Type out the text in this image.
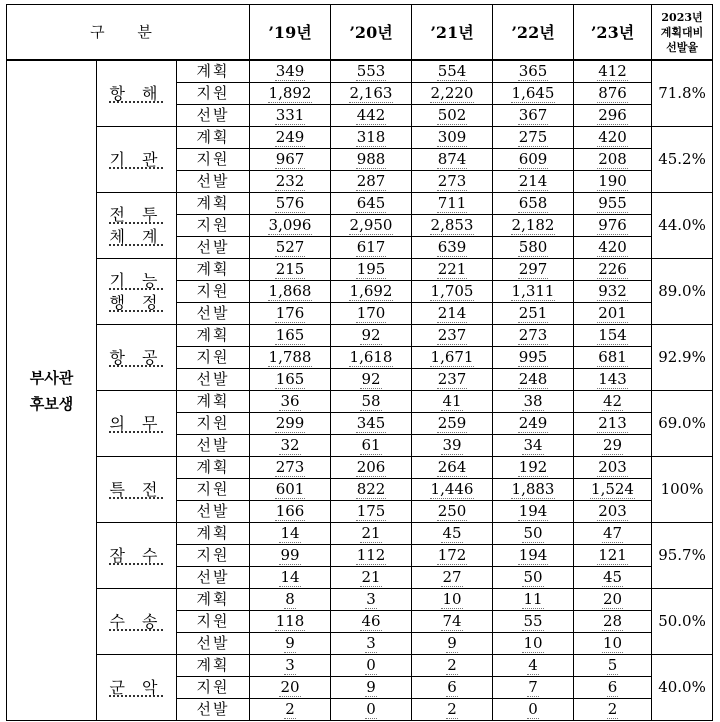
구 분			’19년	’20년	’21년	’22년	’23년	2023년
계획대비
선발율

부사관
후보생	항 해	계획	349	553	554	365	412	71.8%
		지원	1,892	2,163	2,220	1,645	876	
		선발	331	442	502	367	296	
	기 관	계획	249	318	309	275	420	45.2%
		지원	967	988	874	609	208	
		선발	232	287	273	214	190	
	전 투 체 계	계획	576	645	711	658	955	44.0%
		지원	3,096	2,950	2,853	2,182	976	
		선발	527	617	639	580	420	
	기 능 행 정	계획	215	195	221	297	226	89.0%
		지원	1,868	1,692	1,705	1,311	932	
		선발	176	170	214	251	201	
	항 공	계획	165	92	237	273	154	92.9%
		지원	1,788	1,618	1,671	995	681	
		선발	165	92	237	248	143	
	의 무	계획	36	58	41	38	42	69.0%
		지원	299	345	259	249	213	
		선발	32	61	39	34	29	
	특 전	계획	273	206	264	192	203	100%
		지원	601	822	1,446	1,883	1,524	
		선발	166	175	250	194	203	
	잠 수	계획	14	21	45	50	47	95.7%
		지원	99	112	172	194	121	
		선발	14	21	27	50	45	
	수 송	계획	8	3	10	11	20	50.0%
		지원	118	46	74	55	28	
		선발	9	3	9	10	10	
	군 악	계획	3	0	2	4	5	40.0%
		지원	20	9	6	7	6	
		선발	2	0	2	0	2	
